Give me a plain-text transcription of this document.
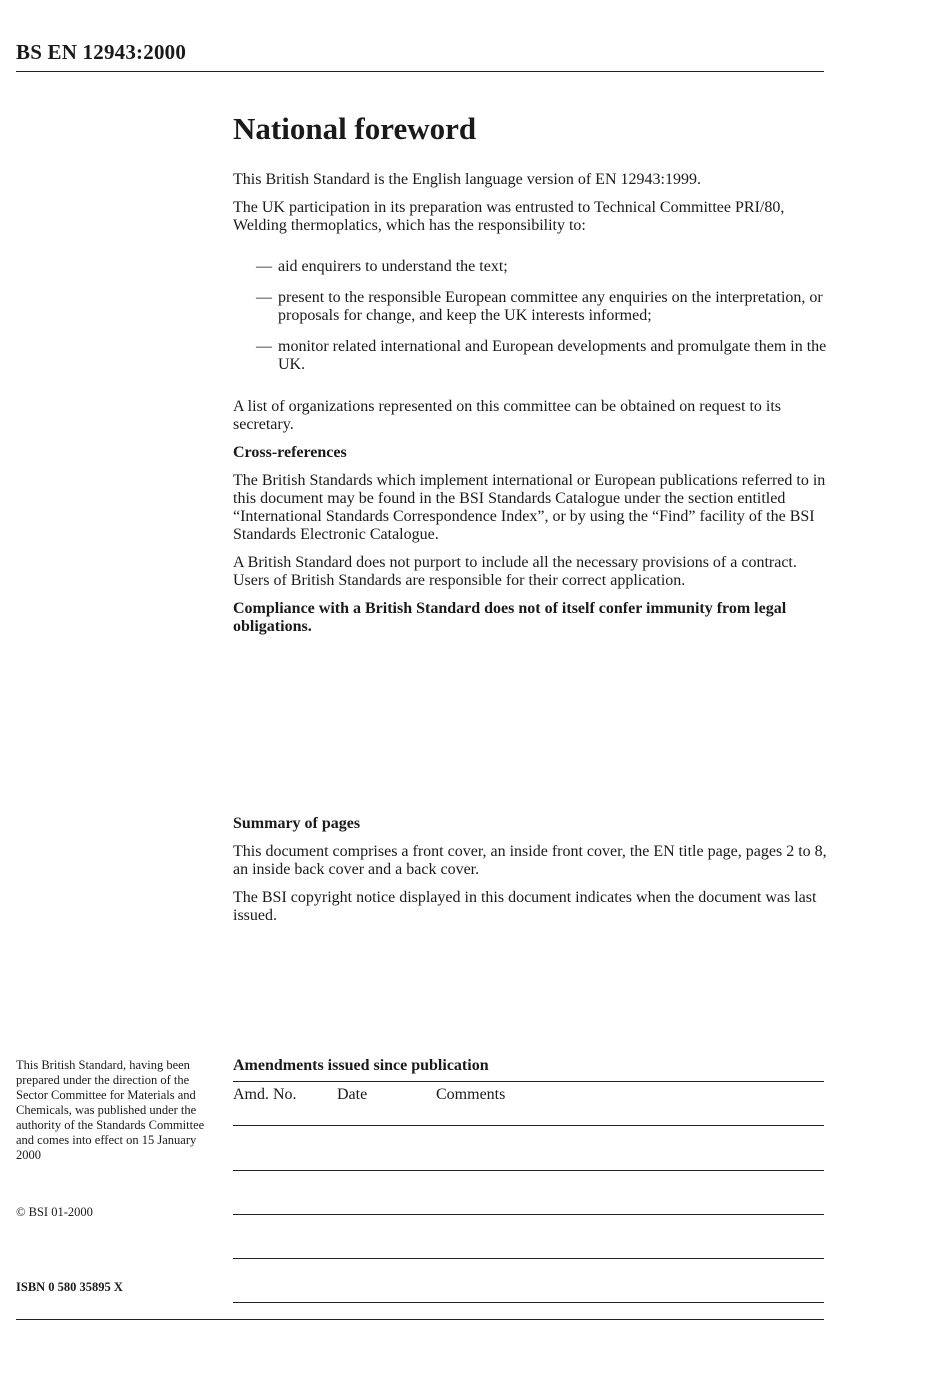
BS EN 12943:2000
National foreword

This British Standard is the English language version of EN 12943:1999.

The UK participation in its preparation was entrusted to Technical Committee PRI/80, Welding thermoplatics, which has the responsibility to:

— aid enquirers to understand the text;
— present to the responsible European committee any enquiries on the interpretation, or proposals for change, and keep the UK interests informed;
— monitor related international and European developments and promulgate them in the UK.

A list of organizations represented on this committee can be obtained on request to its secretary.

Cross-references

The British Standards which implement international or European publications referred to in this document may be found in the BSI Standards Catalogue under the section entitled “International Standards Correspondence Index”, or by using the “Find” facility of the BSI Standards Electronic Catalogue.

A British Standard does not purport to include all the necessary provisions of a contract. Users of British Standards are responsible for their correct application.

Compliance with a British Standard does not of itself confer immunity from legal obligations.

Summary of pages

This document comprises a front cover, an inside front cover, the EN title page, pages 2 to 8, an inside back cover and a back cover.

The BSI copyright notice displayed in this document indicates when the document was last issued.

This British Standard, having been prepared under the direction of the Sector Committee for Materials and Chemicals, was published under the authority of the Standards Committee and comes into effect on 15 January 2000
© BSI 01-2000
ISBN 0 580 35895 X

Amendments issued since publication

Amd. No.	Date	Comments
